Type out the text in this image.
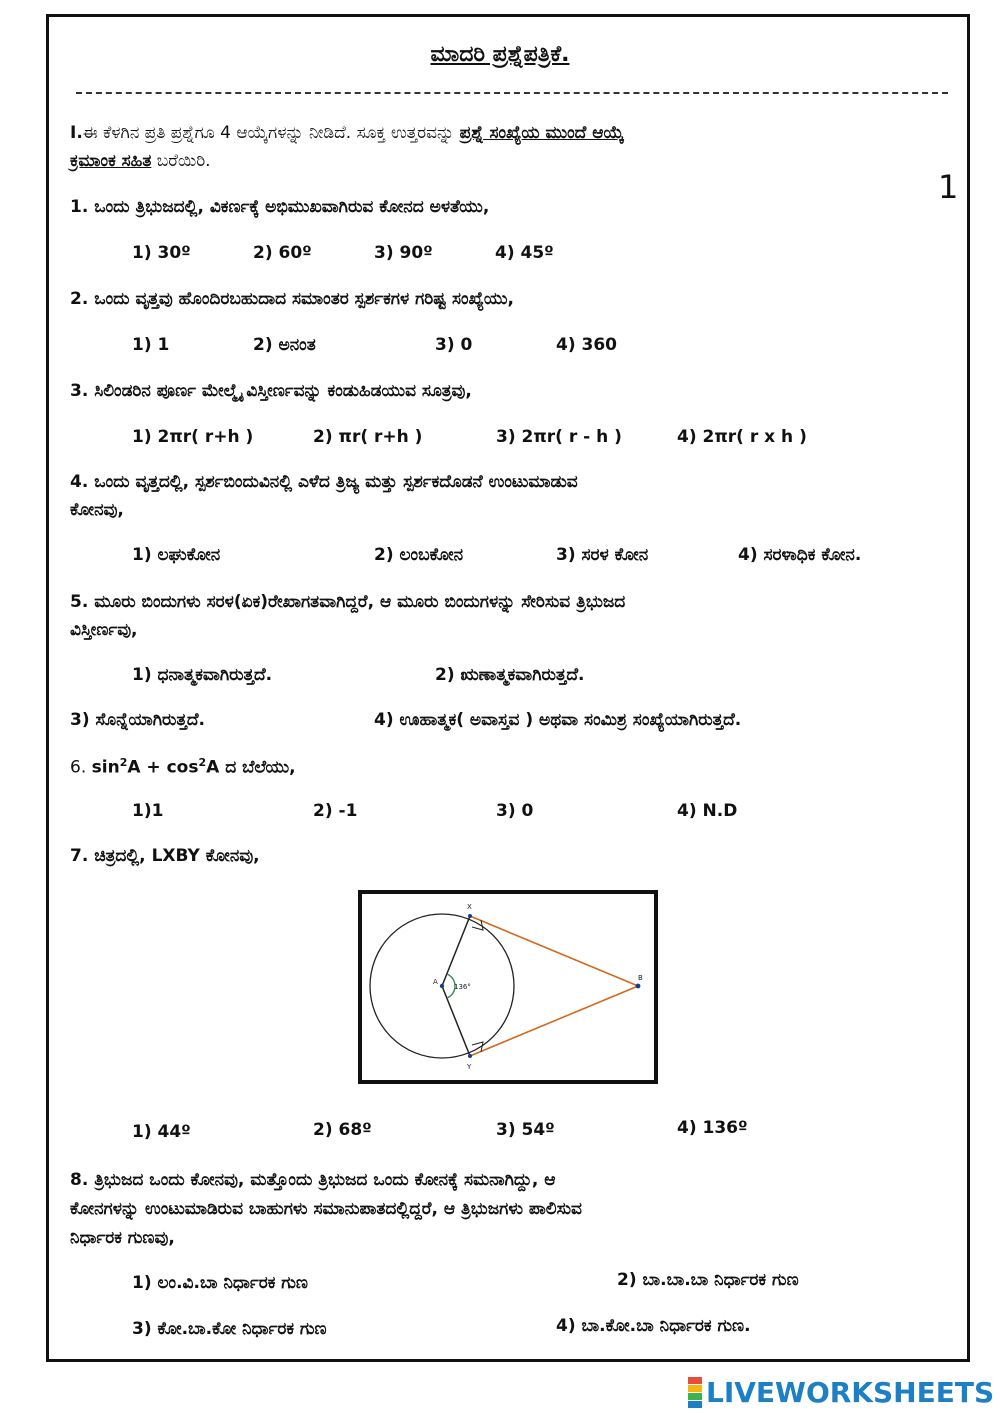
ಮಾದರಿ ಪ್ರಶ್ನೆಪತ್ರಿಕೆ.
1
I.ಈ ಕೆಳಗಿನ ಪ್ರತಿ ಪ್ರಶ್ನೆಗೂ 4 ಆಯ್ಕೆಗಳನ್ನು ನೀಡಿದೆ. ಸೂಕ್ತ ಉತ್ತರವನ್ನು ಪ್ರಶ್ನೆ ಸಂಖ್ಯೆಯ ಮುಂದೆ ಆಯ್ಕೆ
ಕ್ರಮಾಂಕ ಸಹಿತ ಬರೆಯಿರಿ.
1. ಒಂದು ತ್ರಿಭುಜದಲ್ಲಿ, ವಿಕರ್ಣಕ್ಕೆ ಅಭಿಮುಖವಾಗಿರುವ ಕೋನದ ಅಳತೆಯು,
1) 30º	2) 60º	3) 90º	4) 45º
2. ಒಂದು ವೃತ್ತವು ಹೊಂದಿರಬಹುದಾದ ಸಮಾಂತರ ಸ್ಪರ್ಶಕಗಳ ಗರಿಷ್ಟ ಸಂಖ್ಯೆಯು,
1) 1	2) ಅನಂತ	3) 0	4) 360
3. ಸಿಲಿಂಡರಿನ ಪೂರ್ಣ ಮೇಲ್ಮೈ ವಿಸ್ತೀರ್ಣವನ್ನು ಕಂಡುಹಿಡಯುವ ಸೂತ್ರವು,
1) 2πr( r+h )	2) πr( r+h )	3) 2πr( r - h )	4) 2πr( r x h )
4. ಒಂದು ವೃತ್ತದಲ್ಲಿ, ಸ್ಪರ್ಶಬಿಂದುವಿನಲ್ಲಿ ಎಳೆದ ತ್ರಿಜ್ಯ ಮತ್ತು ಸ್ಪರ್ಶಕದೊಡನೆ ಉಂಟುಮಾಡುವ
ಕೋನವು,
1) ಲಘುಕೋನ	2) ಲಂಬಕೋನ	3) ಸರಳ ಕೋನ	4) ಸರಳಾಧಿಕ ಕೋನ.
5. ಮೂರು ಬಿಂದುಗಳು ಸರಳ(ಏಕ)ರೇಖಾಗತವಾಗಿದ್ದರೆ, ಆ ಮೂರು ಬಿಂದುಗಳನ್ನು ಸೇರಿಸುವ ತ್ರಿಭುಜದ
ವಿಸ್ತೀರ್ಣವು,
1) ಧನಾತ್ಮಕವಾಗಿರುತ್ತದೆ.	2) ಋಣಾತ್ಮಕವಾಗಿರುತ್ತದೆ.
3) ಸೊನ್ನೆಯಾಗಿರುತ್ತದೆ.	4) ಊಹಾತ್ಮಕ( ಅವಾಸ್ತವ ) ಅಥವಾ ಸಂಮಿಶ್ರ ಸಂಖ್ಯೆಯಾಗಿರುತ್ತದೆ.
6. $\sin^2A + \cos^2A$ ದ ಬೆಲೆಯು,
1)1	2) -1	3) 0	4) N.D
7. ಚಿತ್ರದಲ್ಲಿ, LXBY ಕೋನವು,
X
A	B
Y
136°
1) 44º	2) 68º	3) 54º	4) 136º
8. ತ್ರಿಭುಜದ ಒಂದು ಕೋನವು, ಮತ್ತೊಂದು ತ್ರಿಭುಜದ ಒಂದು ಕೋನಕ್ಕೆ ಸಮನಾಗಿದ್ದು, ಆ
ಕೋನಗಳನ್ನು ಉಂಟುಮಾಡಿರುವ ಬಾಹುಗಳು ಸಮಾನುಪಾತದಲ್ಲಿದ್ದರೆ, ಆ ತ್ರಿಭುಜಗಳು ಪಾಲಿಸುವ
ನಿರ್ಧಾರಕ ಗುಣವು,
1) ಲಂ.ವಿ.ಬಾ ನಿರ್ಧಾರಕ ಗುಣ	2) ಬಾ.ಬಾ.ಬಾ ನಿರ್ಧಾರಕ ಗುಣ
3) ಕೋ.ಬಾ.ಕೋ ನಿರ್ಧಾರಕ ಗುಣ	4) ಬಾ.ಕೋ.ಬಾ ನಿರ್ಧಾರಕ ಗುಣ.
LIVEWORKSHEETS
